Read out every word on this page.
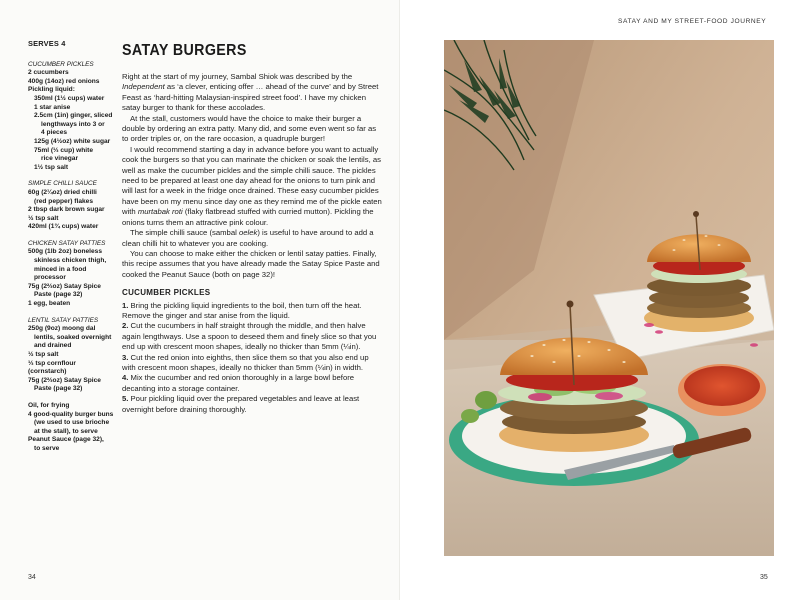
SERVES 4
CUCUMBER PICKLES
2 cucumbers
400g (14oz) red onions
Pickling liquid:
350ml (1½ cups) water
1 star anise
2.5cm (1in) ginger, sliced
lengthways into 3 or
4 pieces
125g (4½oz) white sugar
75ml (⅓ cup) white
rice vinegar
1½ tsp salt
SIMPLE CHILLI SAUCE
60g (2¼oz) dried chilli
(red pepper) flakes
2 tbsp dark brown sugar
½ tsp salt
420ml (1¾ cups) water
CHICKEN SATAY PATTIES
500g (1lb 2oz) boneless
skinless chicken thigh,
minced in a food
processor
75g (2⅔oz) Satay Spice
Paste (page 32)
1 egg, beaten
LENTIL SATAY PATTIES
250g (9oz) moong dal
lentils, soaked overnight
and drained
½ tsp salt
⅓ tsp cornflour (cornstarch)
75g (2⅔oz) Satay Spice
Paste (page 32)
Oil, for frying
4 good-quality burger buns
(we used to use brioche
at the stall), to serve
Peanut Sauce (page 32),
to serve
SATAY BURGERS

Right at the start of my journey, Sambal Shiok was described by the Independent as ‘a clever, enticing offer … ahead of the curve’ and by Street Feast as ‘hard-hitting Malaysian-inspired street food’. I have my chicken satay burger to thank for these accolades.

At the stall, customers would have the choice to make their burger a double by ordering an extra patty. Many did, and some even went so far as to order triples or, on the rare occasion, a quadruple burger!

I would recommend starting a day in advance before you want to actually cook the burgers so that you can marinate the chicken or soak the lentils, as well as make the cucumber pickles and the simple chilli sauce. The pickles need to be prepared at least one day ahead for the onions to turn pink and will last for a week in the fridge once drained. These easy cucumber pickles have been on my menu since day one as they remind me of the pickle eaten with murtabak roti (flaky flatbread stuffed with curried mutton). Pickling the onions turns them an attractive pink colour.

The simple chilli sauce (sambal oelek) is useful to have around to add a clean chilli hit to whatever you are cooking.

You can choose to make either the chicken or lentil satay patties. Finally, this recipe assumes that you have already made the Satay Spice Paste and cooked the Peanut Sauce (both on page 32)!

CUCUMBER PICKLES
1. Bring the pickling liquid ingredients to the boil, then turn off the heat. Remove the ginger and star anise from the liquid.
2. Cut the cucumbers in half straight through the middle, and then halve again lengthways. Use a spoon to deseed them and finely slice so that you end up with crescent moon shapes, ideally no thicker than 5mm (¼in).
3. Cut the red onion into eighths, then slice them so that you also end up with crescent moon shapes, ideally no thicker than 5mm (¼in) in width.
4. Mix the cucumber and red onion thoroughly in a large bowl before decanting into a storage container.
5. Pour pickling liquid over the prepared vegetables and leave at least overnight before draining thoroughly.
34
SATAY AND MY STREET-FOOD JOURNEY
35
